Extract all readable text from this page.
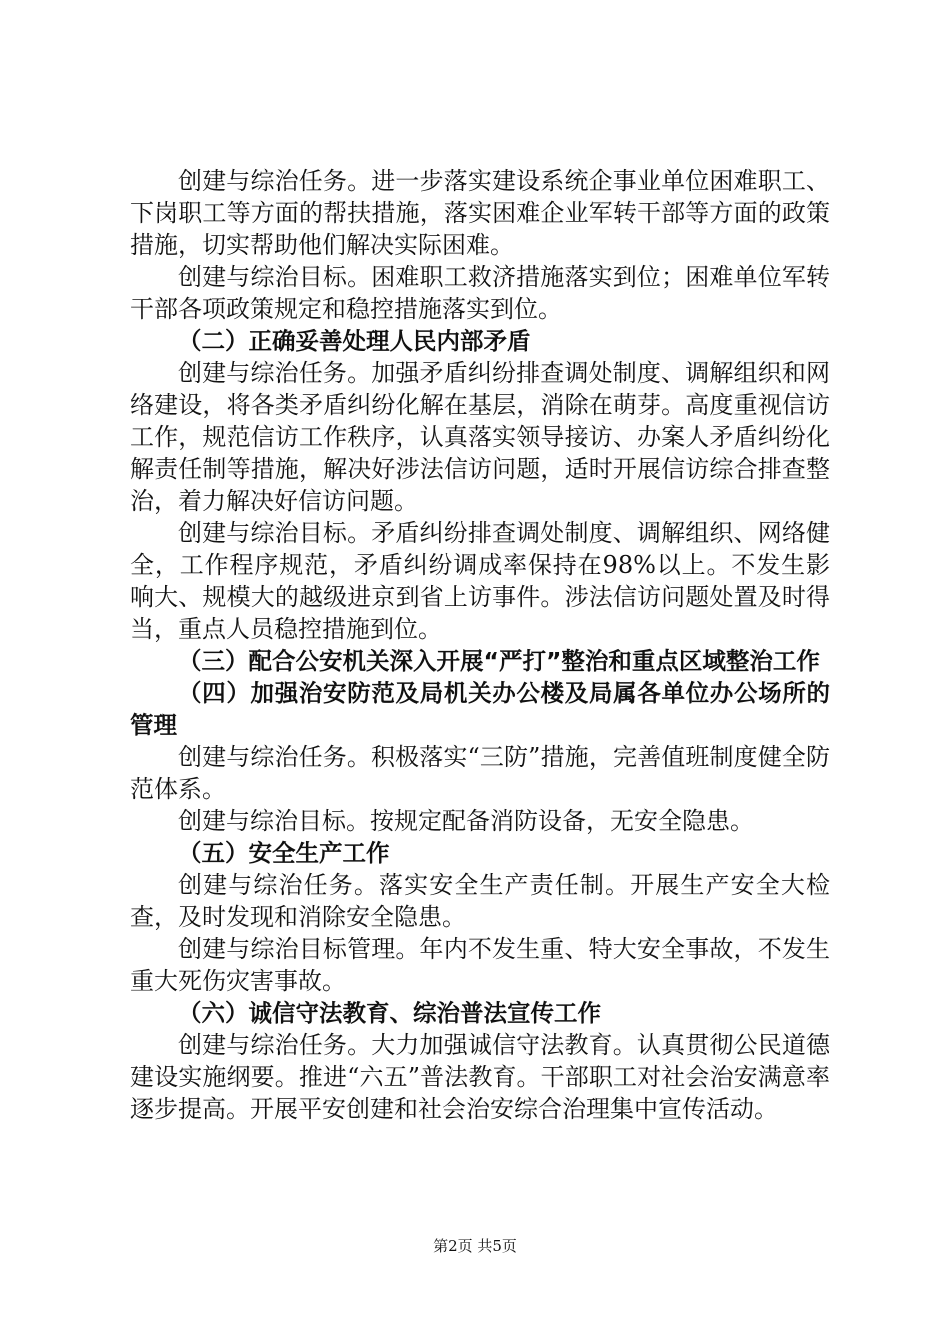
创建与综治任务。进一步落实建设系统企事业单位困难职工、下岗职工等方面的帮扶措施，落实困难企业军转干部等方面的政策措施，切实帮助他们解决实际困难。

创建与综治目标。困难职工救济措施落实到位；困难单位军转干部各项政策规定和稳控措施落实到位。

（二）正确妥善处理人民内部矛盾

创建与综治任务。加强矛盾纠纷排查调处制度、调解组织和网络建设，将各类矛盾纠纷化解在基层，消除在萌芽。高度重视信访工作，规范信访工作秩序，认真落实领导接访、办案人矛盾纠纷化解责任制等措施，解决好涉法信访问题，适时开展信访综合排查整治，着力解决好信访问题。

创建与综治目标。矛盾纠纷排查调处制度、调解组织、网络健全，工作程序规范，矛盾纠纷调成率保持在98%以上。不发生影响大、规模大的越级进京到省上访事件。涉法信访问题处置及时得当，重点人员稳控措施到位。

（三）配合公安机关深入开展“严打”整治和重点区域整治工作

（四）加强治安防范及局机关办公楼及局属各单位办公场所的管理

创建与综治任务。积极落实“三防”措施，完善值班制度健全防范体系。

创建与综治目标。按规定配备消防设备，无安全隐患。

（五）安全生产工作

创建与综治任务。落实安全生产责任制。开展生产安全大检查，及时发现和消除安全隐患。

创建与综治目标管理。年内不发生重、特大安全事故，不发生重大死伤灾害事故。

（六）诚信守法教育、综治普法宣传工作

创建与综治任务。大力加强诚信守法教育。认真贯彻公民道德建设实施纲要。推进“六五”普法教育。干部职工对社会治安满意率逐步提高。开展平安创建和社会治安综合治理集中宣传活动。

第2页 共5页
